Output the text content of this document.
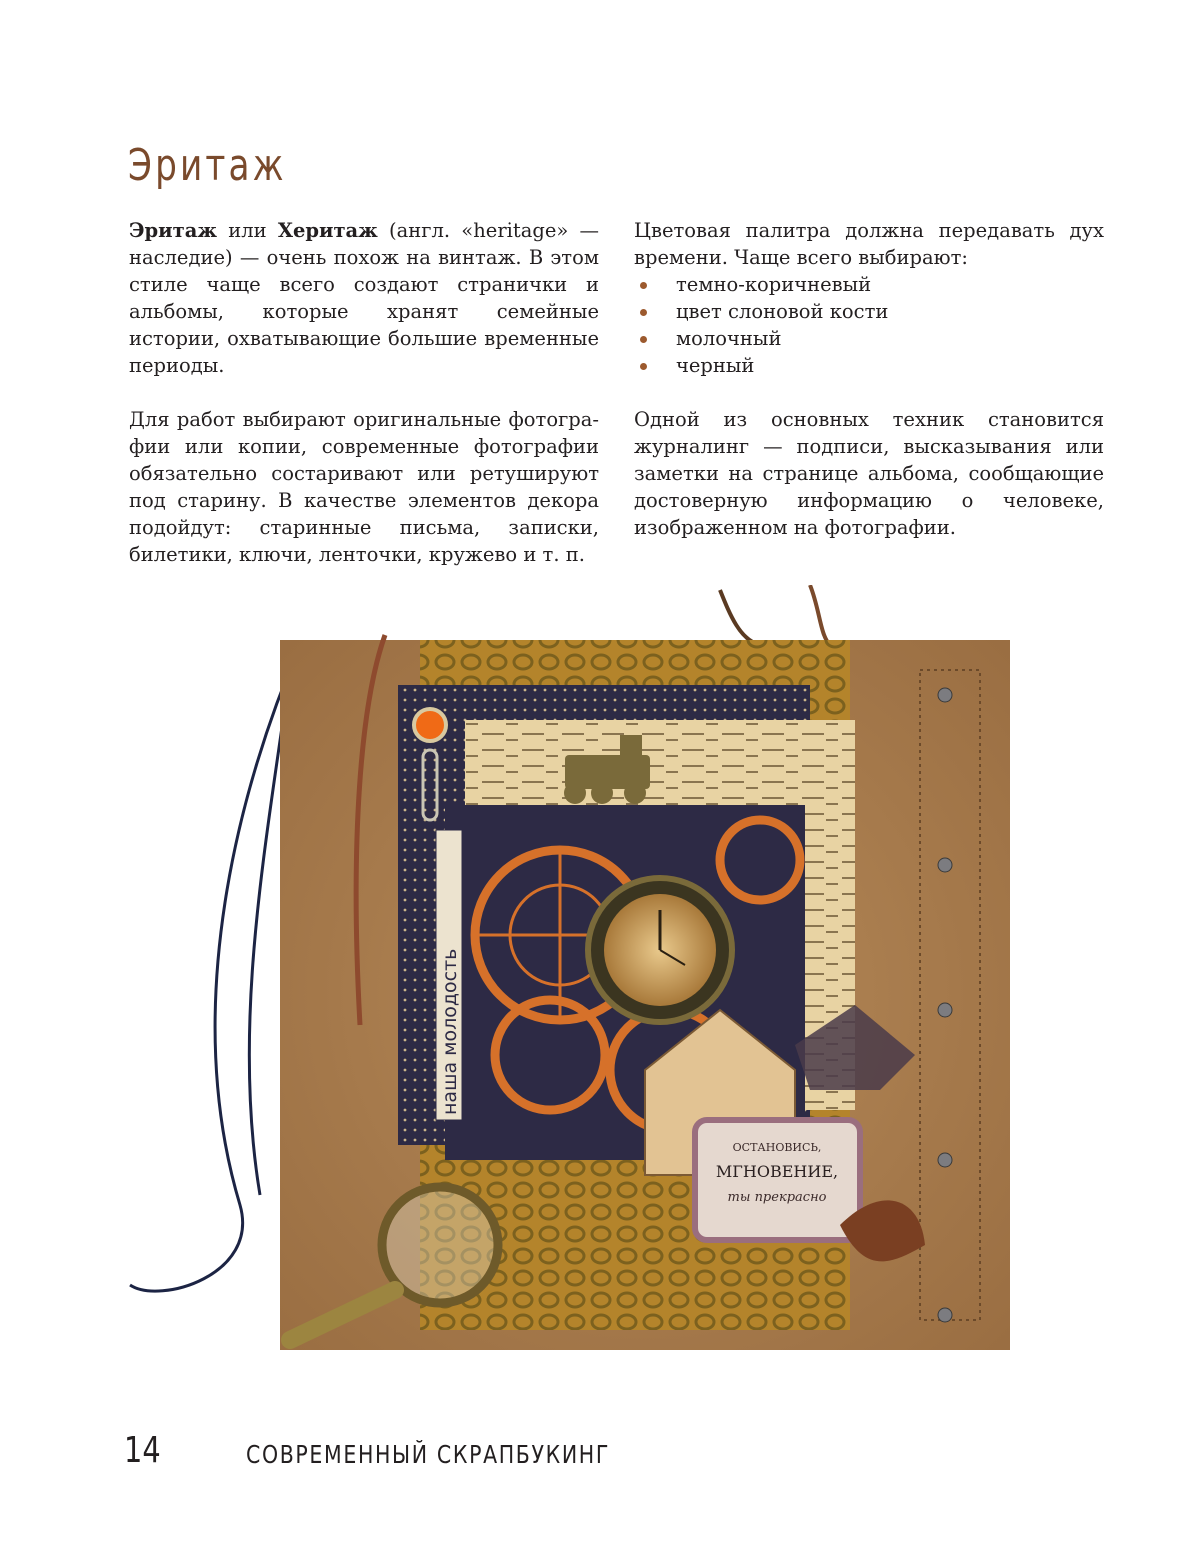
Эритаж

Эритаж или Херитаж (англ. «heritage» — наследие) — очень похож на винтаж. В этом стиле чаще всего создают странички и альбомы, которые хранят семейные истории, охватывающие большие временные периоды.

Для работ выбирают оригинальные фотографии или копии, современные фотографии обязательно состаривают или ретушируют под старину. В качестве элементов декора подойдут: старинные письма, записки, билетики, ключи, ленточки, кружево и т. п.

Цветовая палитра должна передавать дух времени. Чаще всего выбирают:

темно-коричневый
цвет слоновой кости
молочный
черный

Одной из основных техник становится журналинг — подписи, высказывания или заметки на странице альбома, сообщающие достоверную информацию о человеке, изображенном на фотографии.

наша молодость
ОСТАНОВИСЬ,
МГНОВЕНИЕ,
ты прекрасно
14	СОВРЕМЕННЫЙ СКРАПБУКИНГ
